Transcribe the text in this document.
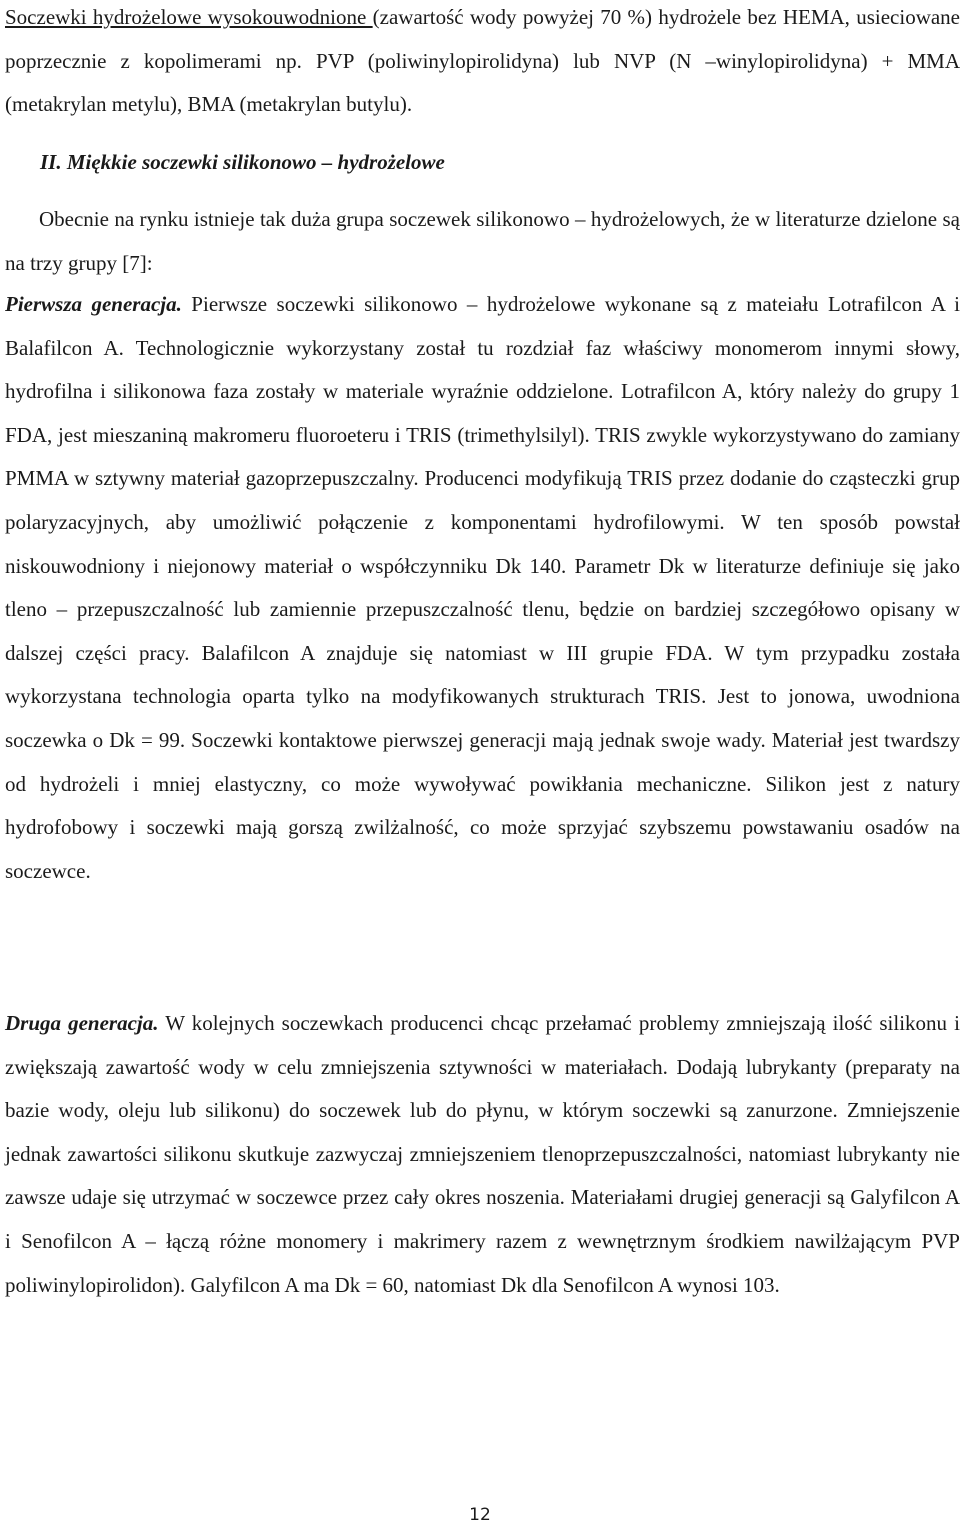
Soczewki hydrożelowe wysokouwodnione (zawartość wody powyżej 70 %) hydrożele bez HEMA, usieciowane poprzecznie z kopolimerami np. PVP (poliwinylopirolidyna) lub NVP (N –winylopirolidyna) + MMA (metakrylan metylu), BMA (metakrylan butylu).

II. Miękkie soczewki silikonowo – hydrożelowe

Obecnie na rynku istnieje tak duża grupa soczewek silikonowo – hydrożelowych, że w literaturze dzielone są na trzy grupy [7]:

Pierwsza generacja. Pierwsze soczewki silikonowo – hydrożelowe wykonane są z mateiału Lotrafilcon A i Balafilcon A. Technologicznie wykorzystany został tu rozdział faz właściwy monomerom innymi słowy, hydrofilna i silikonowa faza zostały w materiale wyraźnie oddzielone. Lotrafilcon A, który należy do grupy 1 FDA, jest mieszaniną makromeru fluoroeteru i TRIS (trimethylsilyl). TRIS zwykle wykorzystywano do zamiany PMMA w sztywny materiał gazoprzepuszczalny. Producenci modyfikują TRIS przez dodanie do cząsteczki grup polaryzacyjnych, aby umożliwić połączenie z komponentami hydrofilowymi. W ten sposób powstał niskouwodniony i niejonowy materiał o współczynniku Dk 140. Parametr Dk w literaturze definiuje się jako tleno – przepuszczalność lub zamiennie przepuszczalność tlenu, będzie on bardziej szczegółowo opisany w dalszej części pracy. Balafilcon A znajduje się natomiast w III grupie FDA. W tym przypadku została wykorzystana technologia oparta tylko na modyfikowanych strukturach TRIS. Jest to jonowa, uwodniona soczewka o Dk = 99. Soczewki kontaktowe pierwszej generacji mają jednak swoje wady. Materiał jest twardszy od hydrożeli i mniej elastyczny, co może wywoływać powikłania mechaniczne. Silikon jest z natury hydrofobowy i soczewki mają gorszą zwilżalność, co może sprzyjać szybszemu powstawaniu osadów na soczewce.

Druga generacja. W kolejnych soczewkach producenci chcąc przełamać problemy zmniejszają ilość silikonu i zwiększają zawartość wody w celu zmniejszenia sztywności w materiałach. Dodają lubrykanty (preparaty na bazie wody, oleju lub silikonu) do soczewek lub do płynu, w którym soczewki są zanurzone. Zmniejszenie jednak zawartości silikonu skutkuje zazwyczaj zmniejszeniem tlenoprzepuszczalności, natomiast lubrykanty nie zawsze udaje się utrzymać w soczewce przez cały okres noszenia. Materiałami drugiej generacji są Galyfilcon A i Senofilcon A – łączą różne monomery i makrimery razem z wewnętrznym środkiem nawilżającym PVP poliwinylopirolidon). Galyfilcon A ma Dk = 60, natomiast Dk dla Senofilcon A wynosi 103.

12
